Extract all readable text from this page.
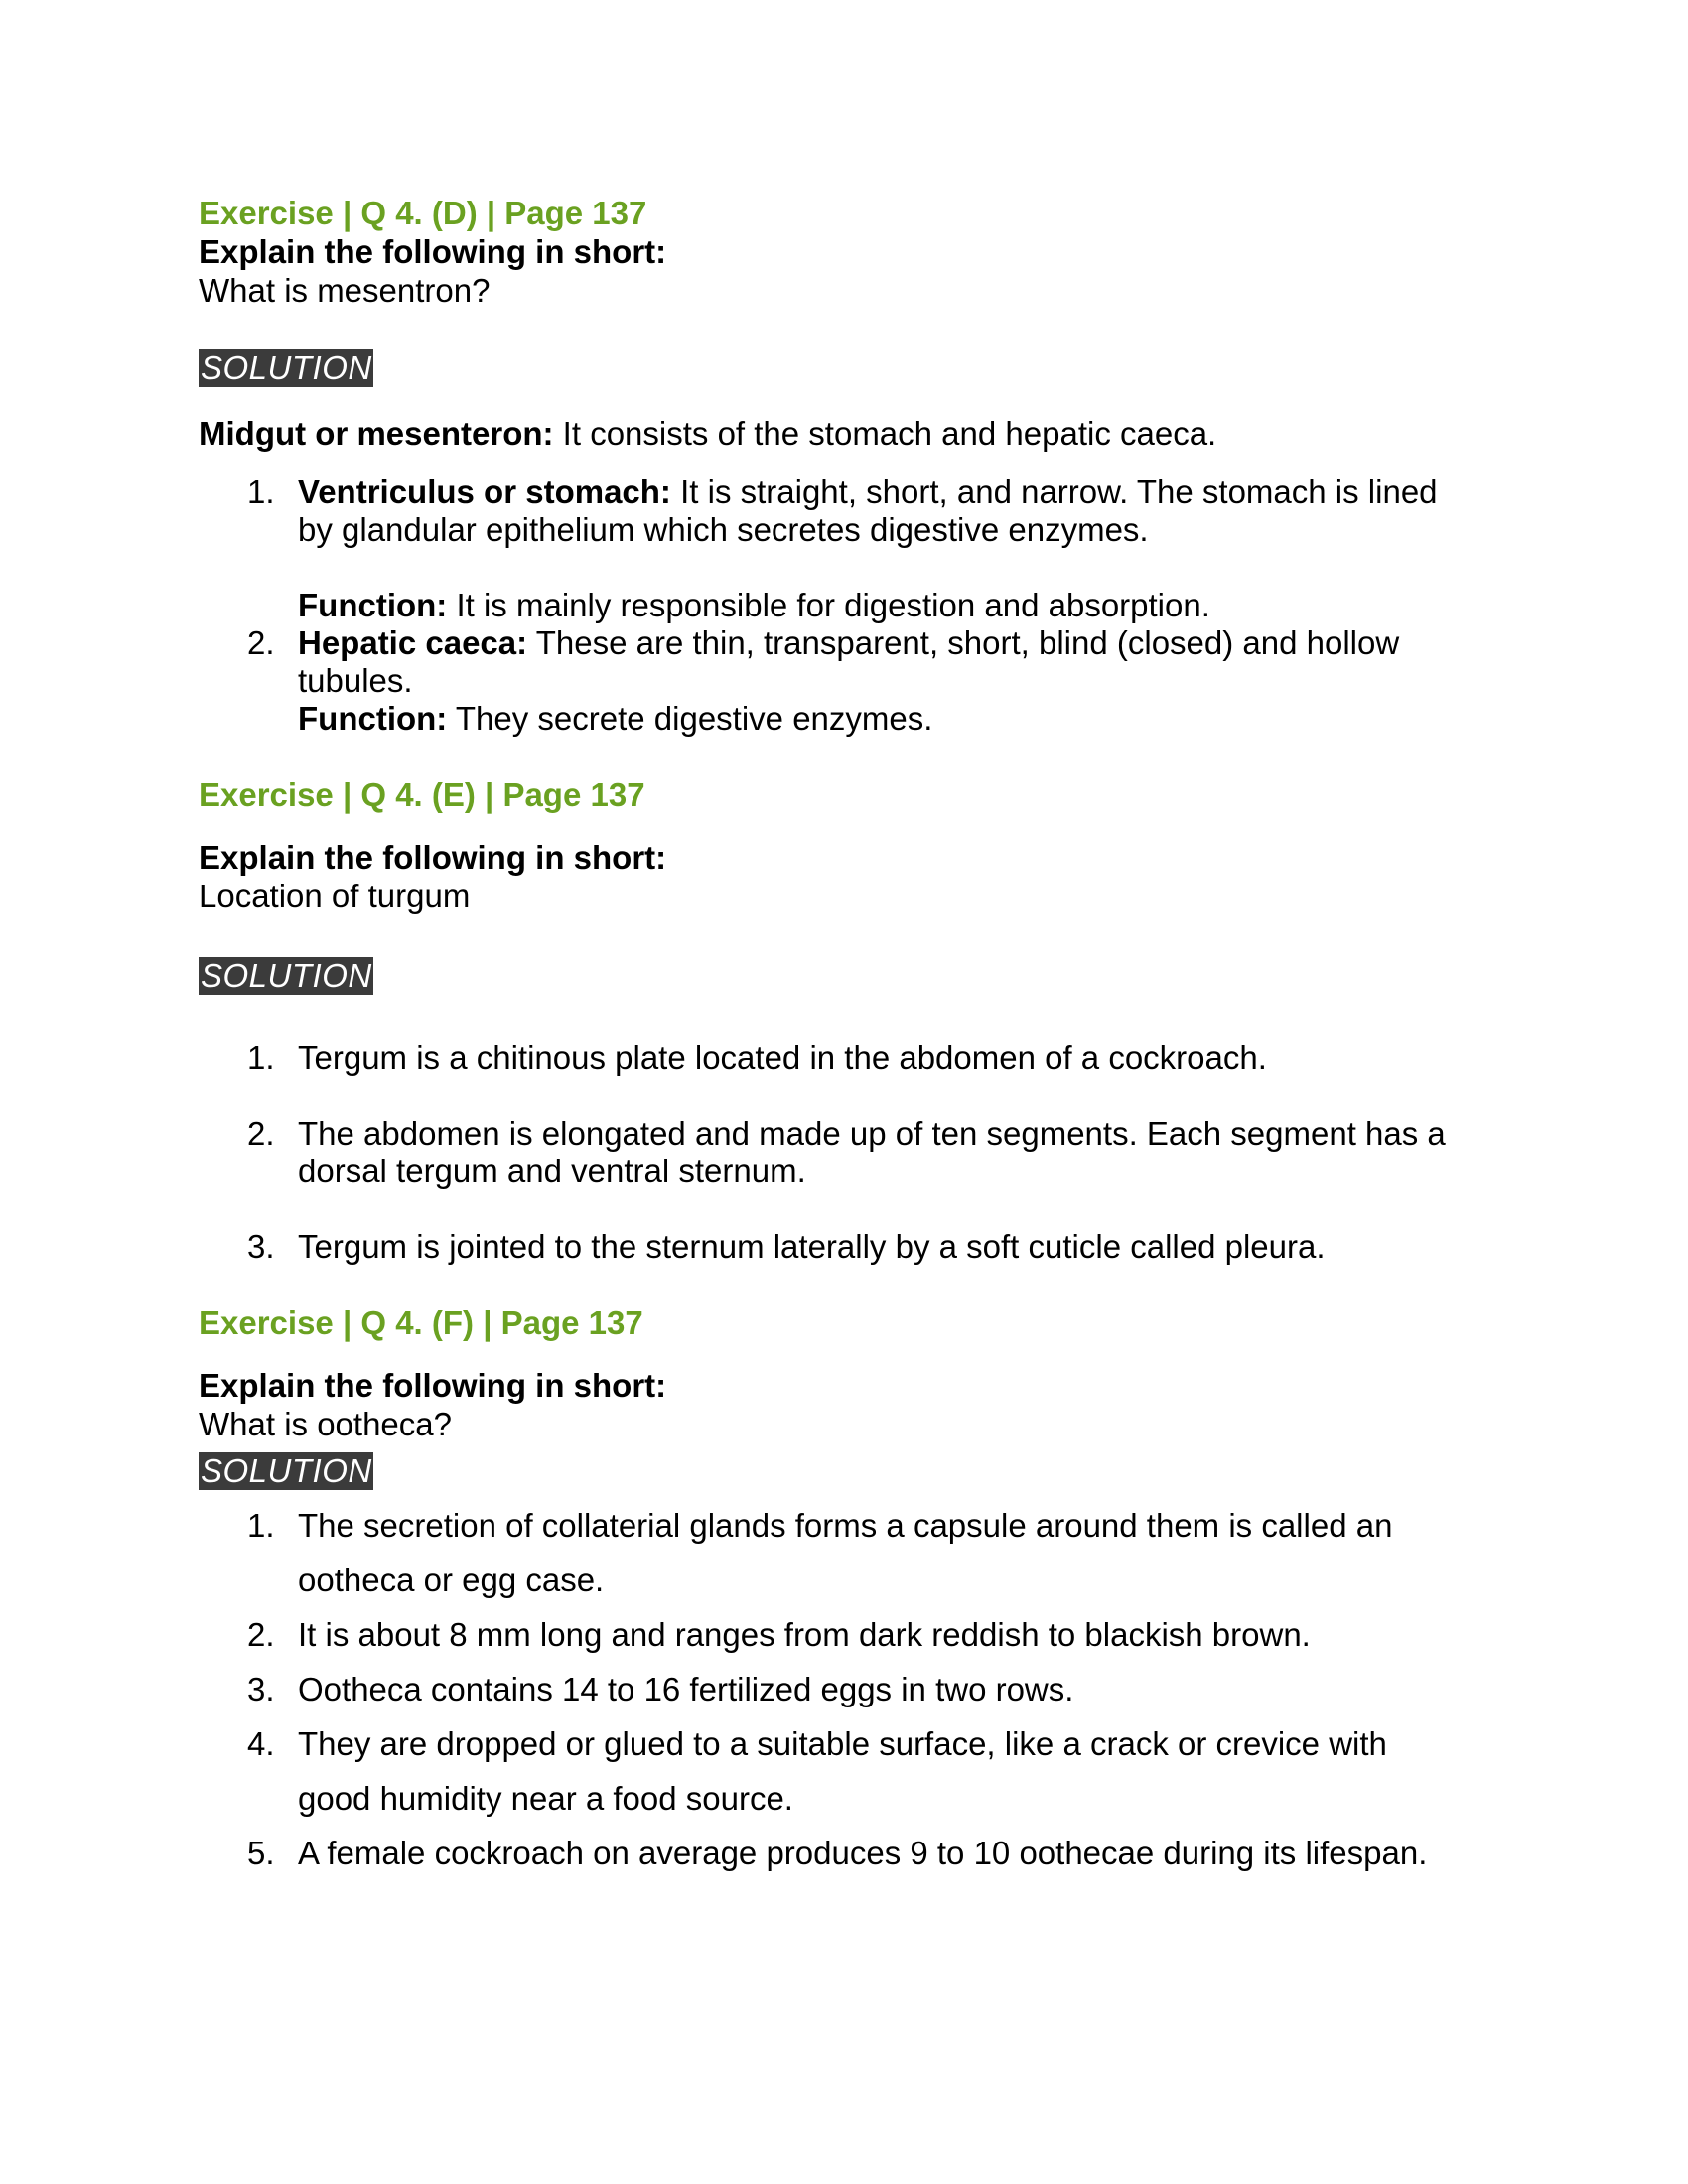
Exercise | Q 4. (D) | Page 137

Explain the following in short:

What is mesentron?

SOLUTION

Midgut or mesenteron: It consists of the stomach and hepatic caeca.

1. Ventriculus or stomach: It is straight, short, and narrow. The stomach is lined by glandular epithelium which secretes digestive enzymes.
Function: It is mainly responsible for digestion and absorption.
2. Hepatic caeca: These are thin, transparent, short, blind (closed) and hollow tubules.
Function: They secrete digestive enzymes.

Exercise | Q 4. (E) | Page 137

Explain the following in short:

Location of turgum

SOLUTION
1. Tergum is a chitinous plate located in the abdomen of a cockroach.
2. The abdomen is elongated and made up of ten segments. Each segment has a dorsal tergum and ventral sternum.
3. Tergum is jointed to the sternum laterally by a soft cuticle called pleura.

Exercise | Q 4. (F) | Page 137

Explain the following in short:

What is ootheca?

SOLUTION
1. The secretion of collaterial glands forms a capsule around them is called an ootheca or egg case.
2. It is about 8 mm long and ranges from dark reddish to blackish brown.
3. Ootheca contains 14 to 16 fertilized eggs in two rows.
4. They are dropped or glued to a suitable surface, like a crack or crevice with good humidity near a food source.
5. A female cockroach on average produces 9 to 10 oothecae during its lifespan.
